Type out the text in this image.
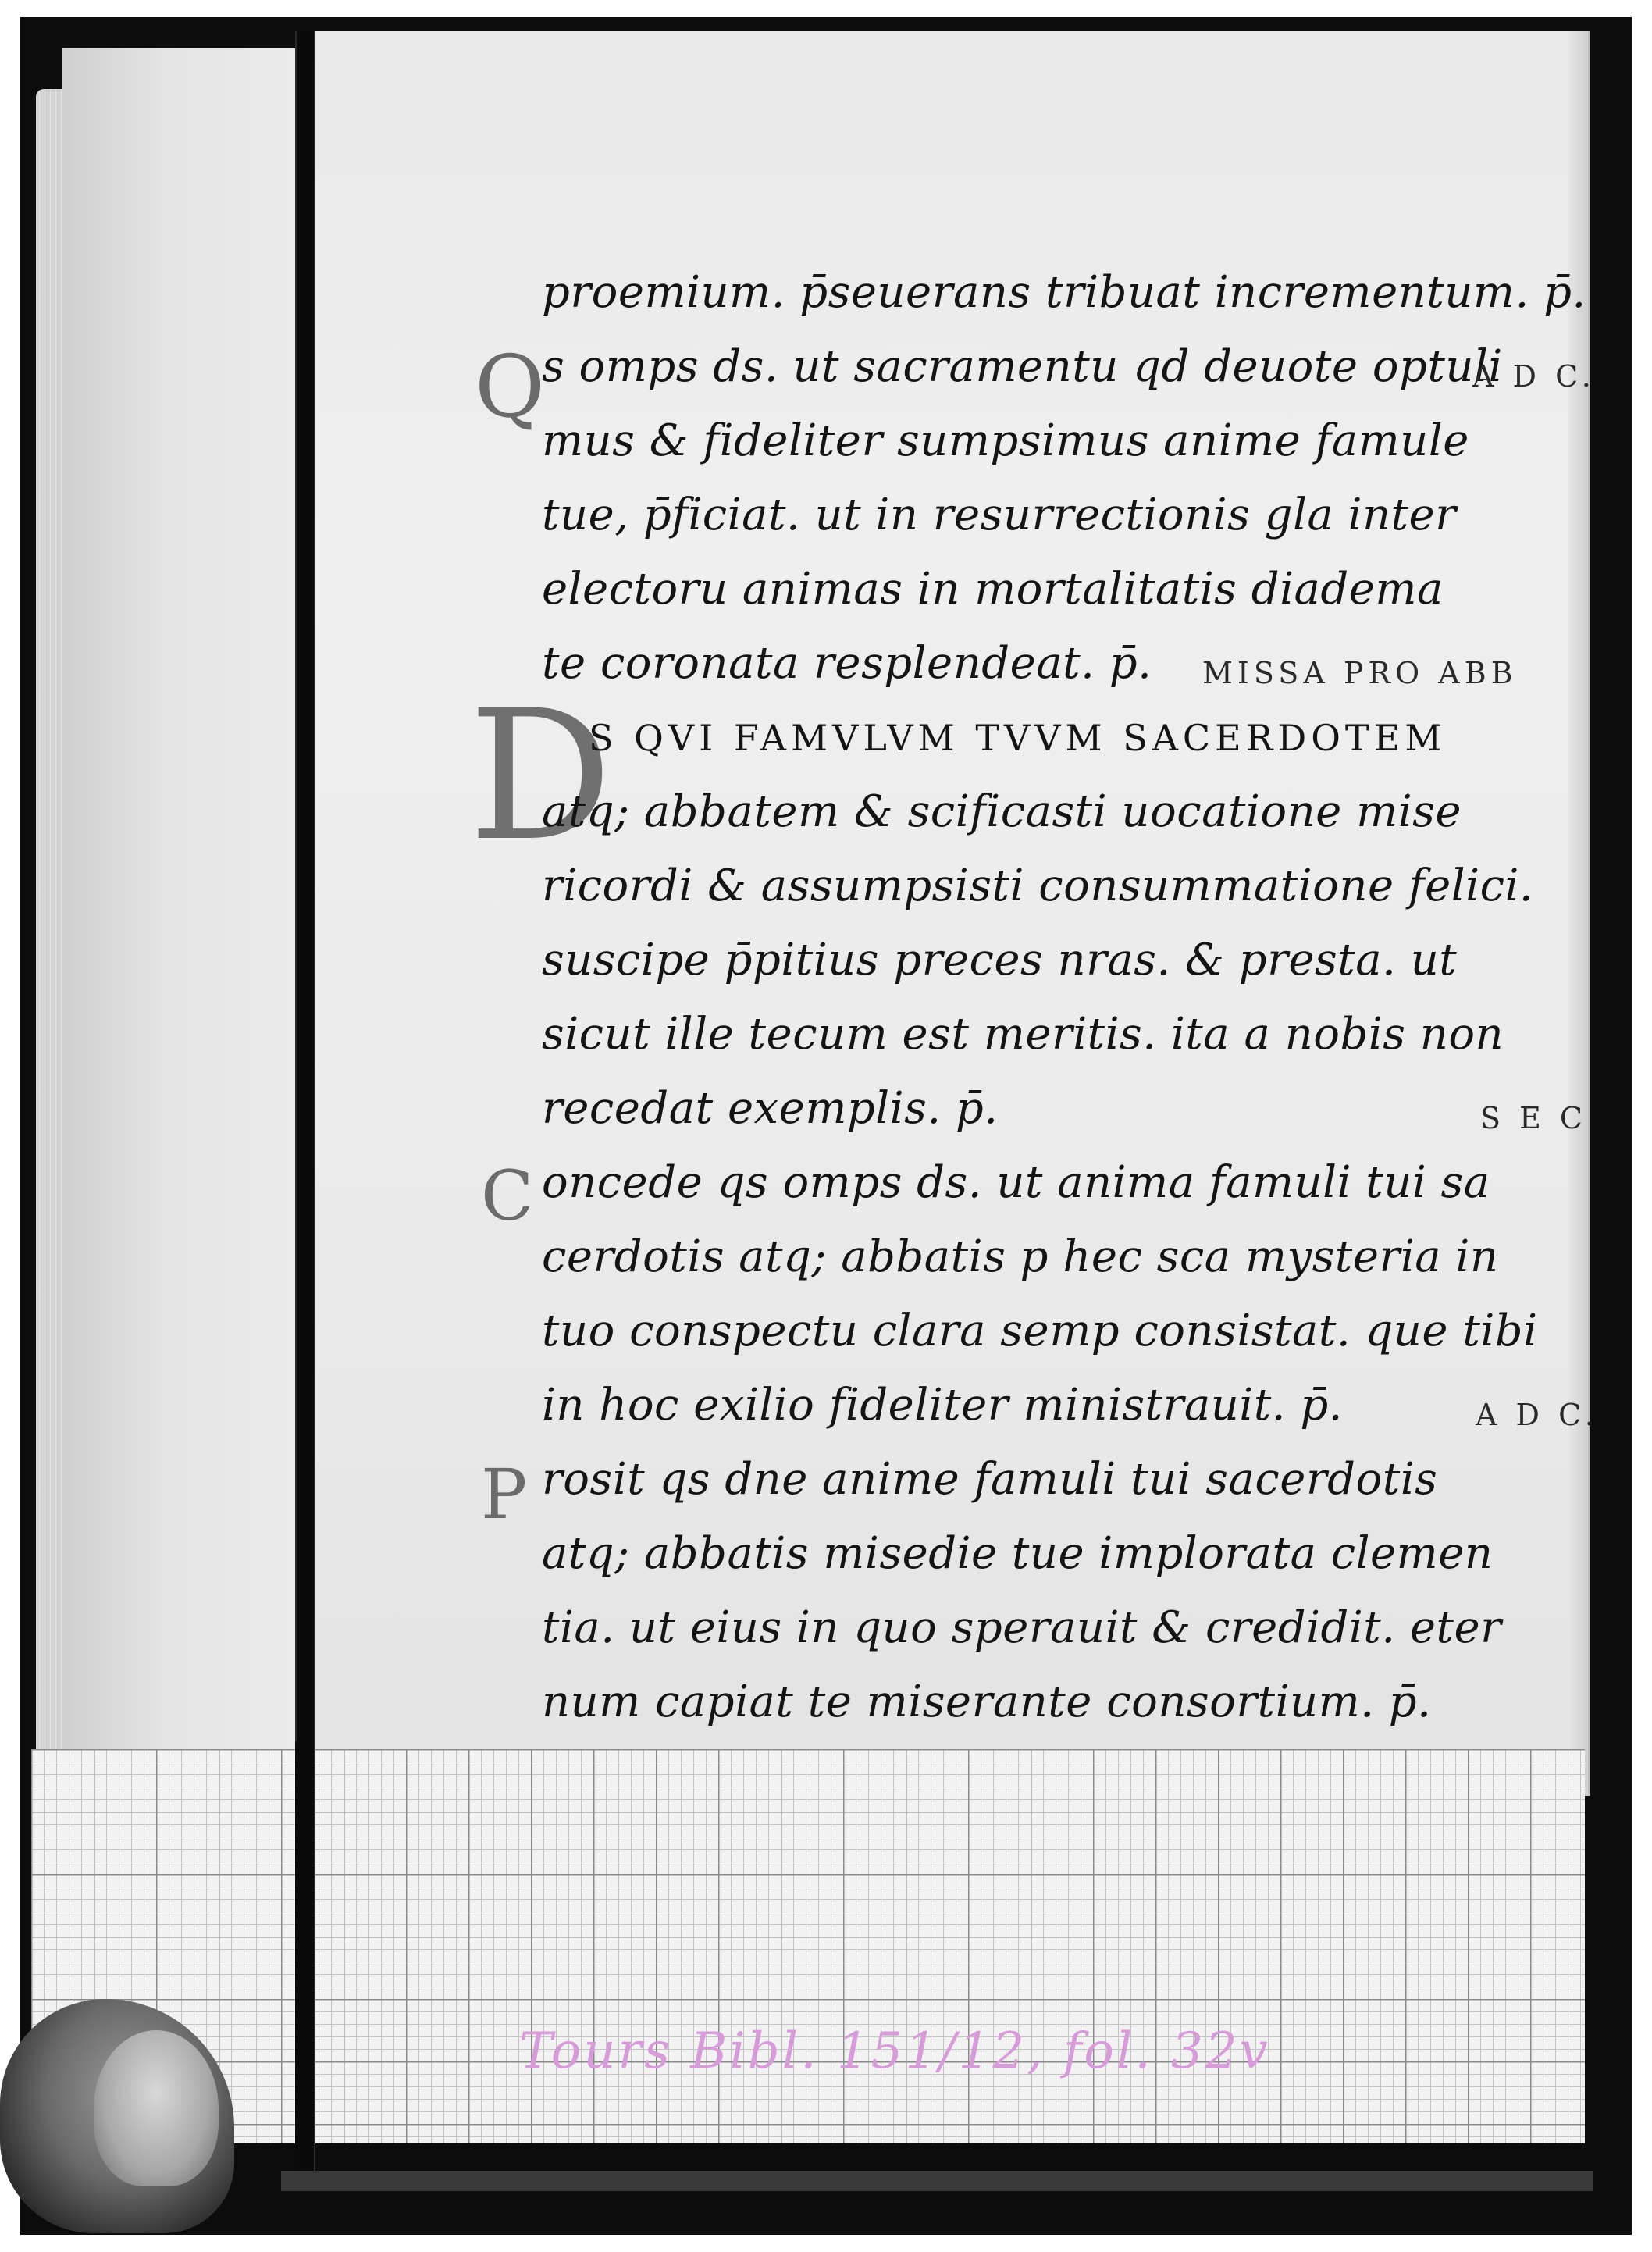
Q
D
C
P
proemium. p̄seuerans tribuat incrementum. p̄.
s omps ds. ut sacramentu qd deuote optuli
mus & fideliter sumpsimus anime famule
tue, p̄ficiat. ut in resurrectionis gla inter
electoru animas in mortalitatis diadema
te coronata resplendeat. p̄.
S QVI FAMVLVM TVVM SACERDOTEM
atq; abbatem & scificasti uocatione mise
ricordi & assumpsisti consummatione felici.
suscipe p̄pitius preces nras. & presta. ut
sicut ille tecum est meritis. ita a nobis non
recedat exemplis. p̄.
oncede qs omps ds. ut anima famuli tui sa
cerdotis atq; abbatis p hec sca mysteria in
tuo conspectu clara semp consistat. que tibi
in hoc exilio fideliter ministrauit. p̄.
rosit qs dne anime famuli tui sacerdotis
atq; abbatis misedie tue implorata clemen
tia. ut eius in quo sperauit & credidit. eter
num capiat te miserante consortium. p̄.
MISSA PRO ABB
A D C.
S E C
A D C.
Tours Bibl. 151/12, fol. 32v
